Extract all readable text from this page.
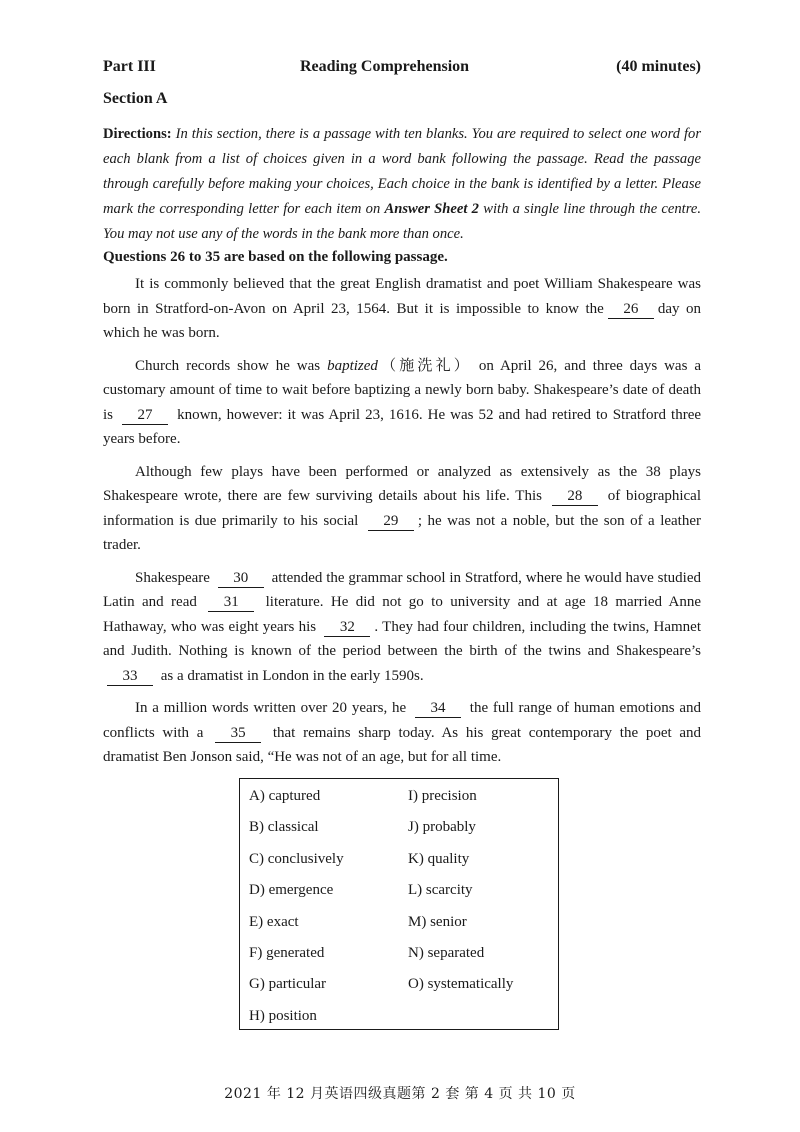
Part III	Reading Comprehension	(40 minutes)
Section A
Directions: In this section, there is a passage with ten blanks. You are required to select one word for each blank from a list of choices given in a word bank following the passage. Read the passage through carefully before making your choices, Each choice in the bank is identified by a letter. Please mark the corresponding letter for each item on Answer Sheet 2 with a single line through the centre. You may not use any of the words in the bank more than once.
Questions 26 to 35 are based on the following passage.
It is commonly believed that the great English dramatist and poet William Shakespeare was born in Stratford-on-Avon on April 23, 1564. But it is impossible to know the 26 day on which he was born.
Church records show he was baptized（施洗礼） on April 26, and three days was a customary amount of time to wait before baptizing a newly born baby. Shakespeare’s date of death is 27 known, however: it was April 23, 1616. He was 52 and had retired to Stratford three years before.
Although few plays have been performed or analyzed as extensively as the 38 plays Shakespeare wrote, there are few surviving details about his life. This 28 of biographical information is due primarily to his social 29 ; he was not a noble, but the son of a leather trader.
Shakespeare 30 attended the grammar school in Stratford, where he would have studied Latin and read 31 literature. He did not go to university and at age 18 married Anne Hathaway, who was eight years his 32 . They had four children, including the twins, Hamnet and Judith. Nothing is known of the period between the birth of the twins and Shakespeare’s 33 as a dramatist in London in the early 1590s.
In a million words written over 20 years, he 34 the full range of human emotions and conflicts with a 35 that remains sharp today. As his great contemporary the poet and dramatist Ben Jonson said, “He was not of an age, but for all time.
A) captured
B) classical
C) conclusively
D) emergence
E) exact
F) generated
G) particular
H) position
I) precision
J) probably
K) quality
L) scarcity
M) senior
N) separated
O) systematically
2021 年 12 月英语四级真题第 2 套 第 4 页 共 10 页
